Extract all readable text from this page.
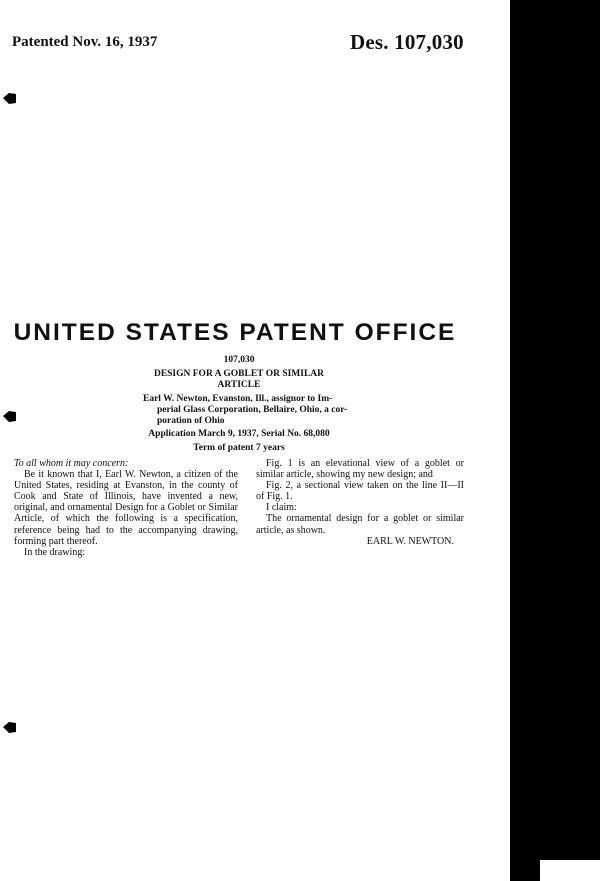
Patented Nov. 16, 1937	Des. 107,030
UNITED STATES PATENT OFFICE
107,030
DESIGN FOR A GOBLET OR SIMILAR
ARTICLE
Earl W. Newton, Evanston, Ill., assignor to Im-
perial Glass Corporation, Bellaire, Ohio, a cor-
poration of Ohio
Application March 9, 1937, Serial No. 68,080
Term of patent 7 years

To all whom it may concern:

Be it known that I, Earl W. Newton, a citizen of the United States, residing at Evanston, in the county of Cook and State of Illinois, have invented a new, original, and ornamental Design for a Goblet or Similar Article, of which the following is a specification, reference being had to the accompanying drawing, forming part thereof.

In the drawing:

Fig. 1 is an elevational view of a goblet or similar article, showing my new design; and

Fig. 2, a sectional view taken on the line II—II of Fig. 1.

I claim:

The ornamental design for a goblet or similar article, as shown.

EARL W. NEWTON.
